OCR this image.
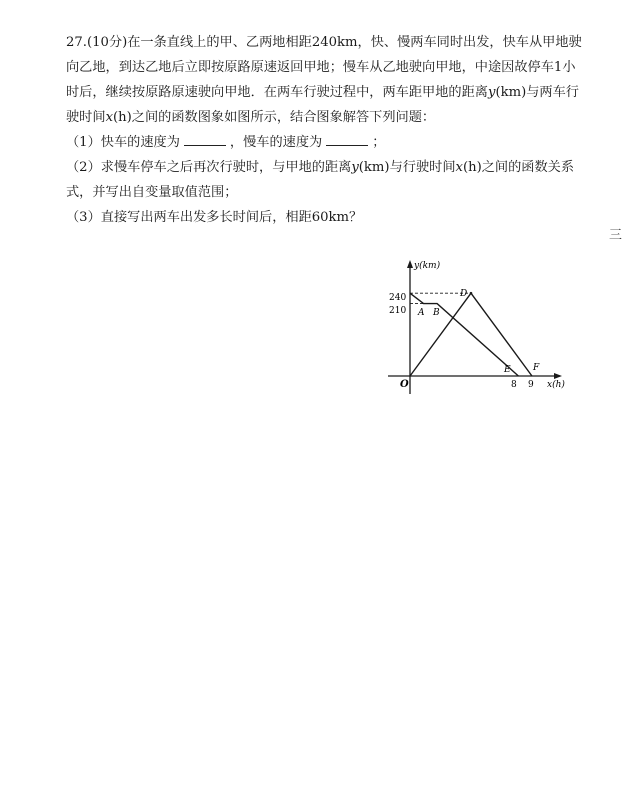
27.(10分)在一条直线上的甲、乙两地相距240km，快、慢两车同时出发，快车从甲地驶向乙地，到达乙地后立即按原路原速返回甲地；慢车从乙地驶向甲地，中途因故停车1小时后，继续按原路原速驶向甲地．在两车行驶过程中，两车距甲地的距离y(km)与两车行驶时间x(h)之间的函数图象如图所示，结合图象解答下列问题：

（1）快车的速度为	，慢车的速度为	；

（2）求慢车停车之后再次行驶时，与甲地的距离y(km)与行驶时间x(h)之间的函数关系式，并写出自变量取值范围；

（3）直接写出两车出发多长时间后，相距60km？

三
y(km)
x(h)
O
240
210
8 9
A B
D
E F
